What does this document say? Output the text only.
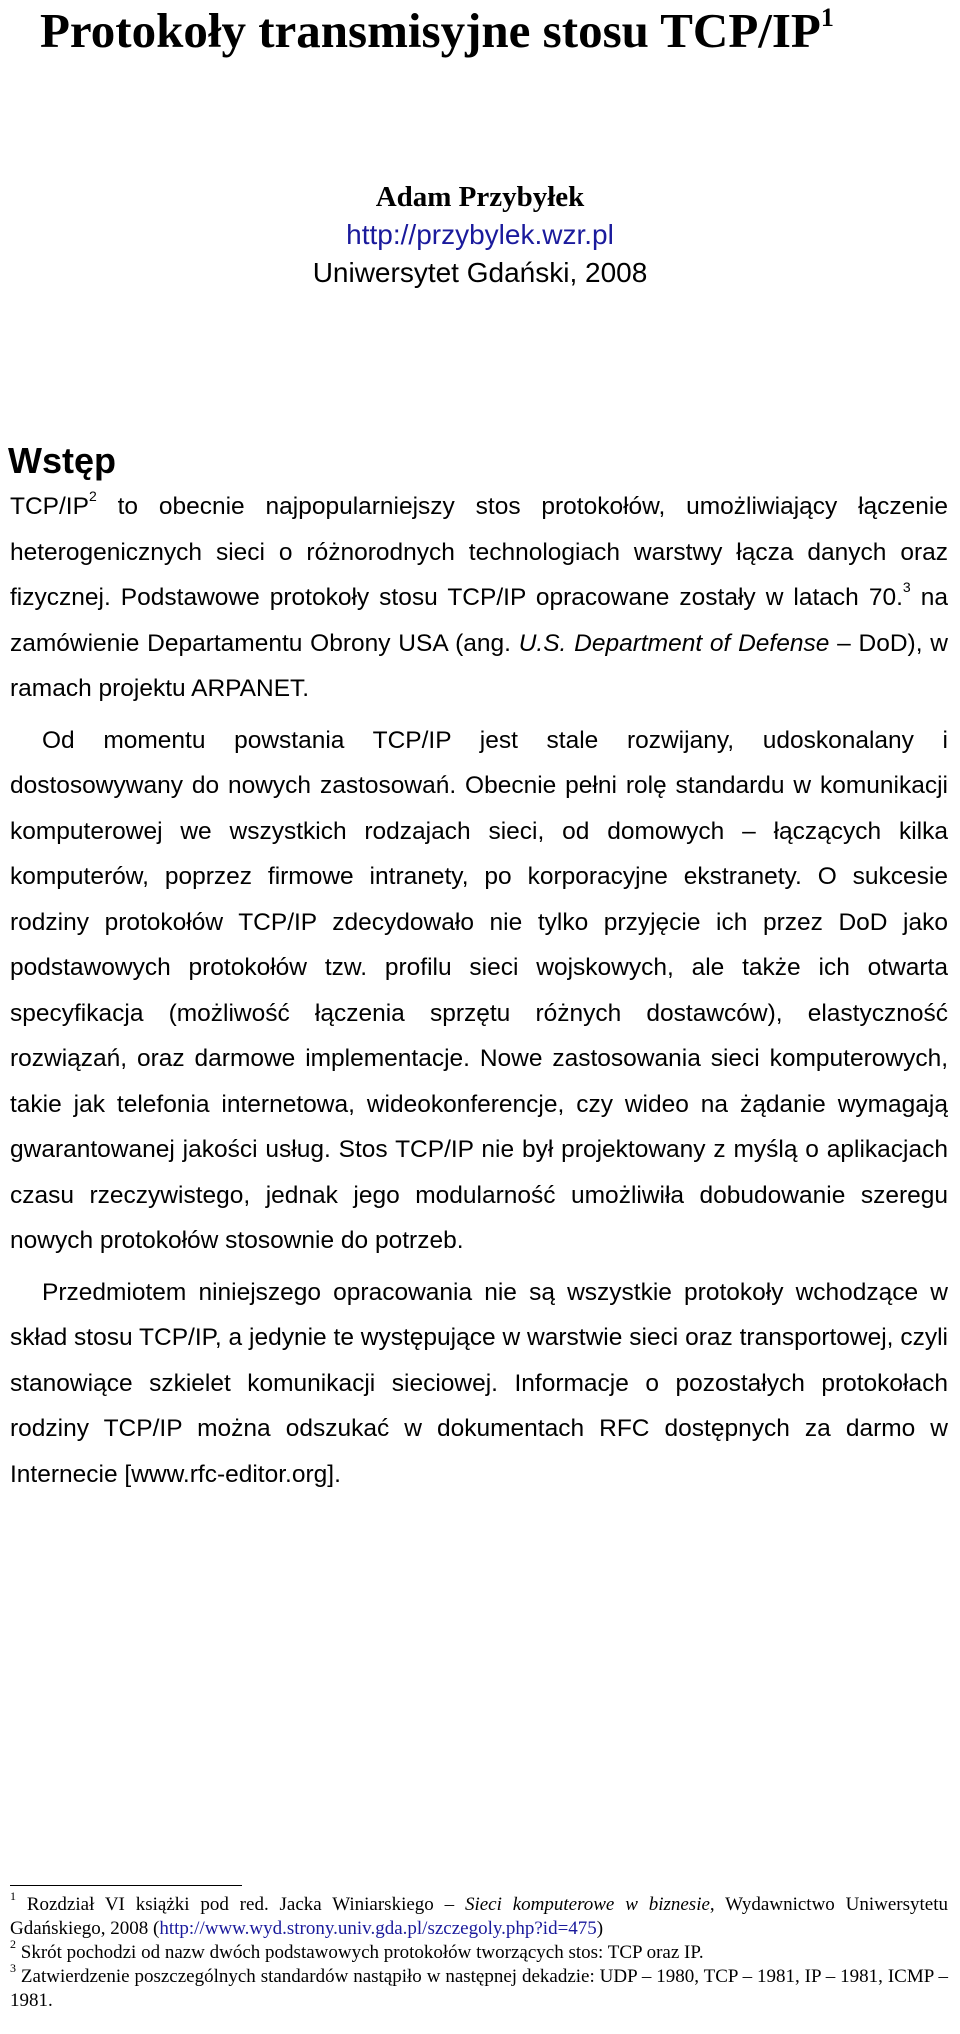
Protokoły transmisyjne stosu TCP/$IP^1$
Adam Przybyłek
http://przybylek.wzr.pl
Uniwersytet Gdański, 2008
Wstęp

TCP/$IP^2$ to obecnie najpopularniejszy stos protokołów, umożliwiający łączenie heterogenicznych sieci o różnorodnych technologiach warstwy łącza danych oraz fizycznej. Podstawowe protokoły stosu TCP/IP opracowane zostały w latach 70.$^3$ na zamówienie Departamentu Obrony USA (ang. U.S. Department of Defense – DoD), w ramach projektu ARPANET.

Od momentu powstania TCP/IP jest stale rozwijany, udoskonalany i dostosowywany do nowych zastosowań. Obecnie pełni rolę standardu w komunikacji komputerowej we wszystkich rodzajach sieci, od domowych – łączących kilka komputerów, poprzez firmowe intranety, po korporacyjne ekstranety. O sukcesie rodziny protokołów TCP/IP zdecydowało nie tylko przyjęcie ich przez DoD jako podstawowych protokołów tzw. profilu sieci wojskowych, ale także ich otwarta specyfikacja (możliwość łączenia sprzętu różnych dostawców), elastyczność rozwiązań, oraz darmowe implementacje. Nowe zastosowania sieci komputerowych, takie jak telefonia internetowa, wideokonferencje, czy wideo na żądanie wymagają gwarantowanej jakości usług. Stos TCP/IP nie był projektowany z myślą o aplikacjach czasu rzeczywistego, jednak jego modularność umożliwiła dobudowanie szeregu nowych protokołów stosownie do potrzeb.

Przedmiotem niniejszego opracowania nie są wszystkie protokoły wchodzące w skład stosu TCP/IP, a jedynie te występujące w warstwie sieci oraz transportowej, czyli stanowiące szkielet komunikacji sieciowej. Informacje o pozostałych protokołach rodziny TCP/IP można odszukać w dokumentach RFC dostępnych za darmo w Internecie [www.rfc-editor.org].

$^1$ Rozdział VI książki pod red. Jacka Winiarskiego – Sieci komputerowe w biznesie, Wydawnictwo Uniwersytetu Gdańskiego, 2008 (http://www.wyd.strony.univ.gda.pl/szczegoly.php?id=475)

$^2$ Skrót pochodzi od nazw dwóch podstawowych protokołów tworzących stos: TCP oraz IP.

$^3$ Zatwierdzenie poszczególnych standardów nastąpiło w następnej dekadzie: UDP – 1980, TCP – 1981, IP – 1981, ICMP – 1981.
